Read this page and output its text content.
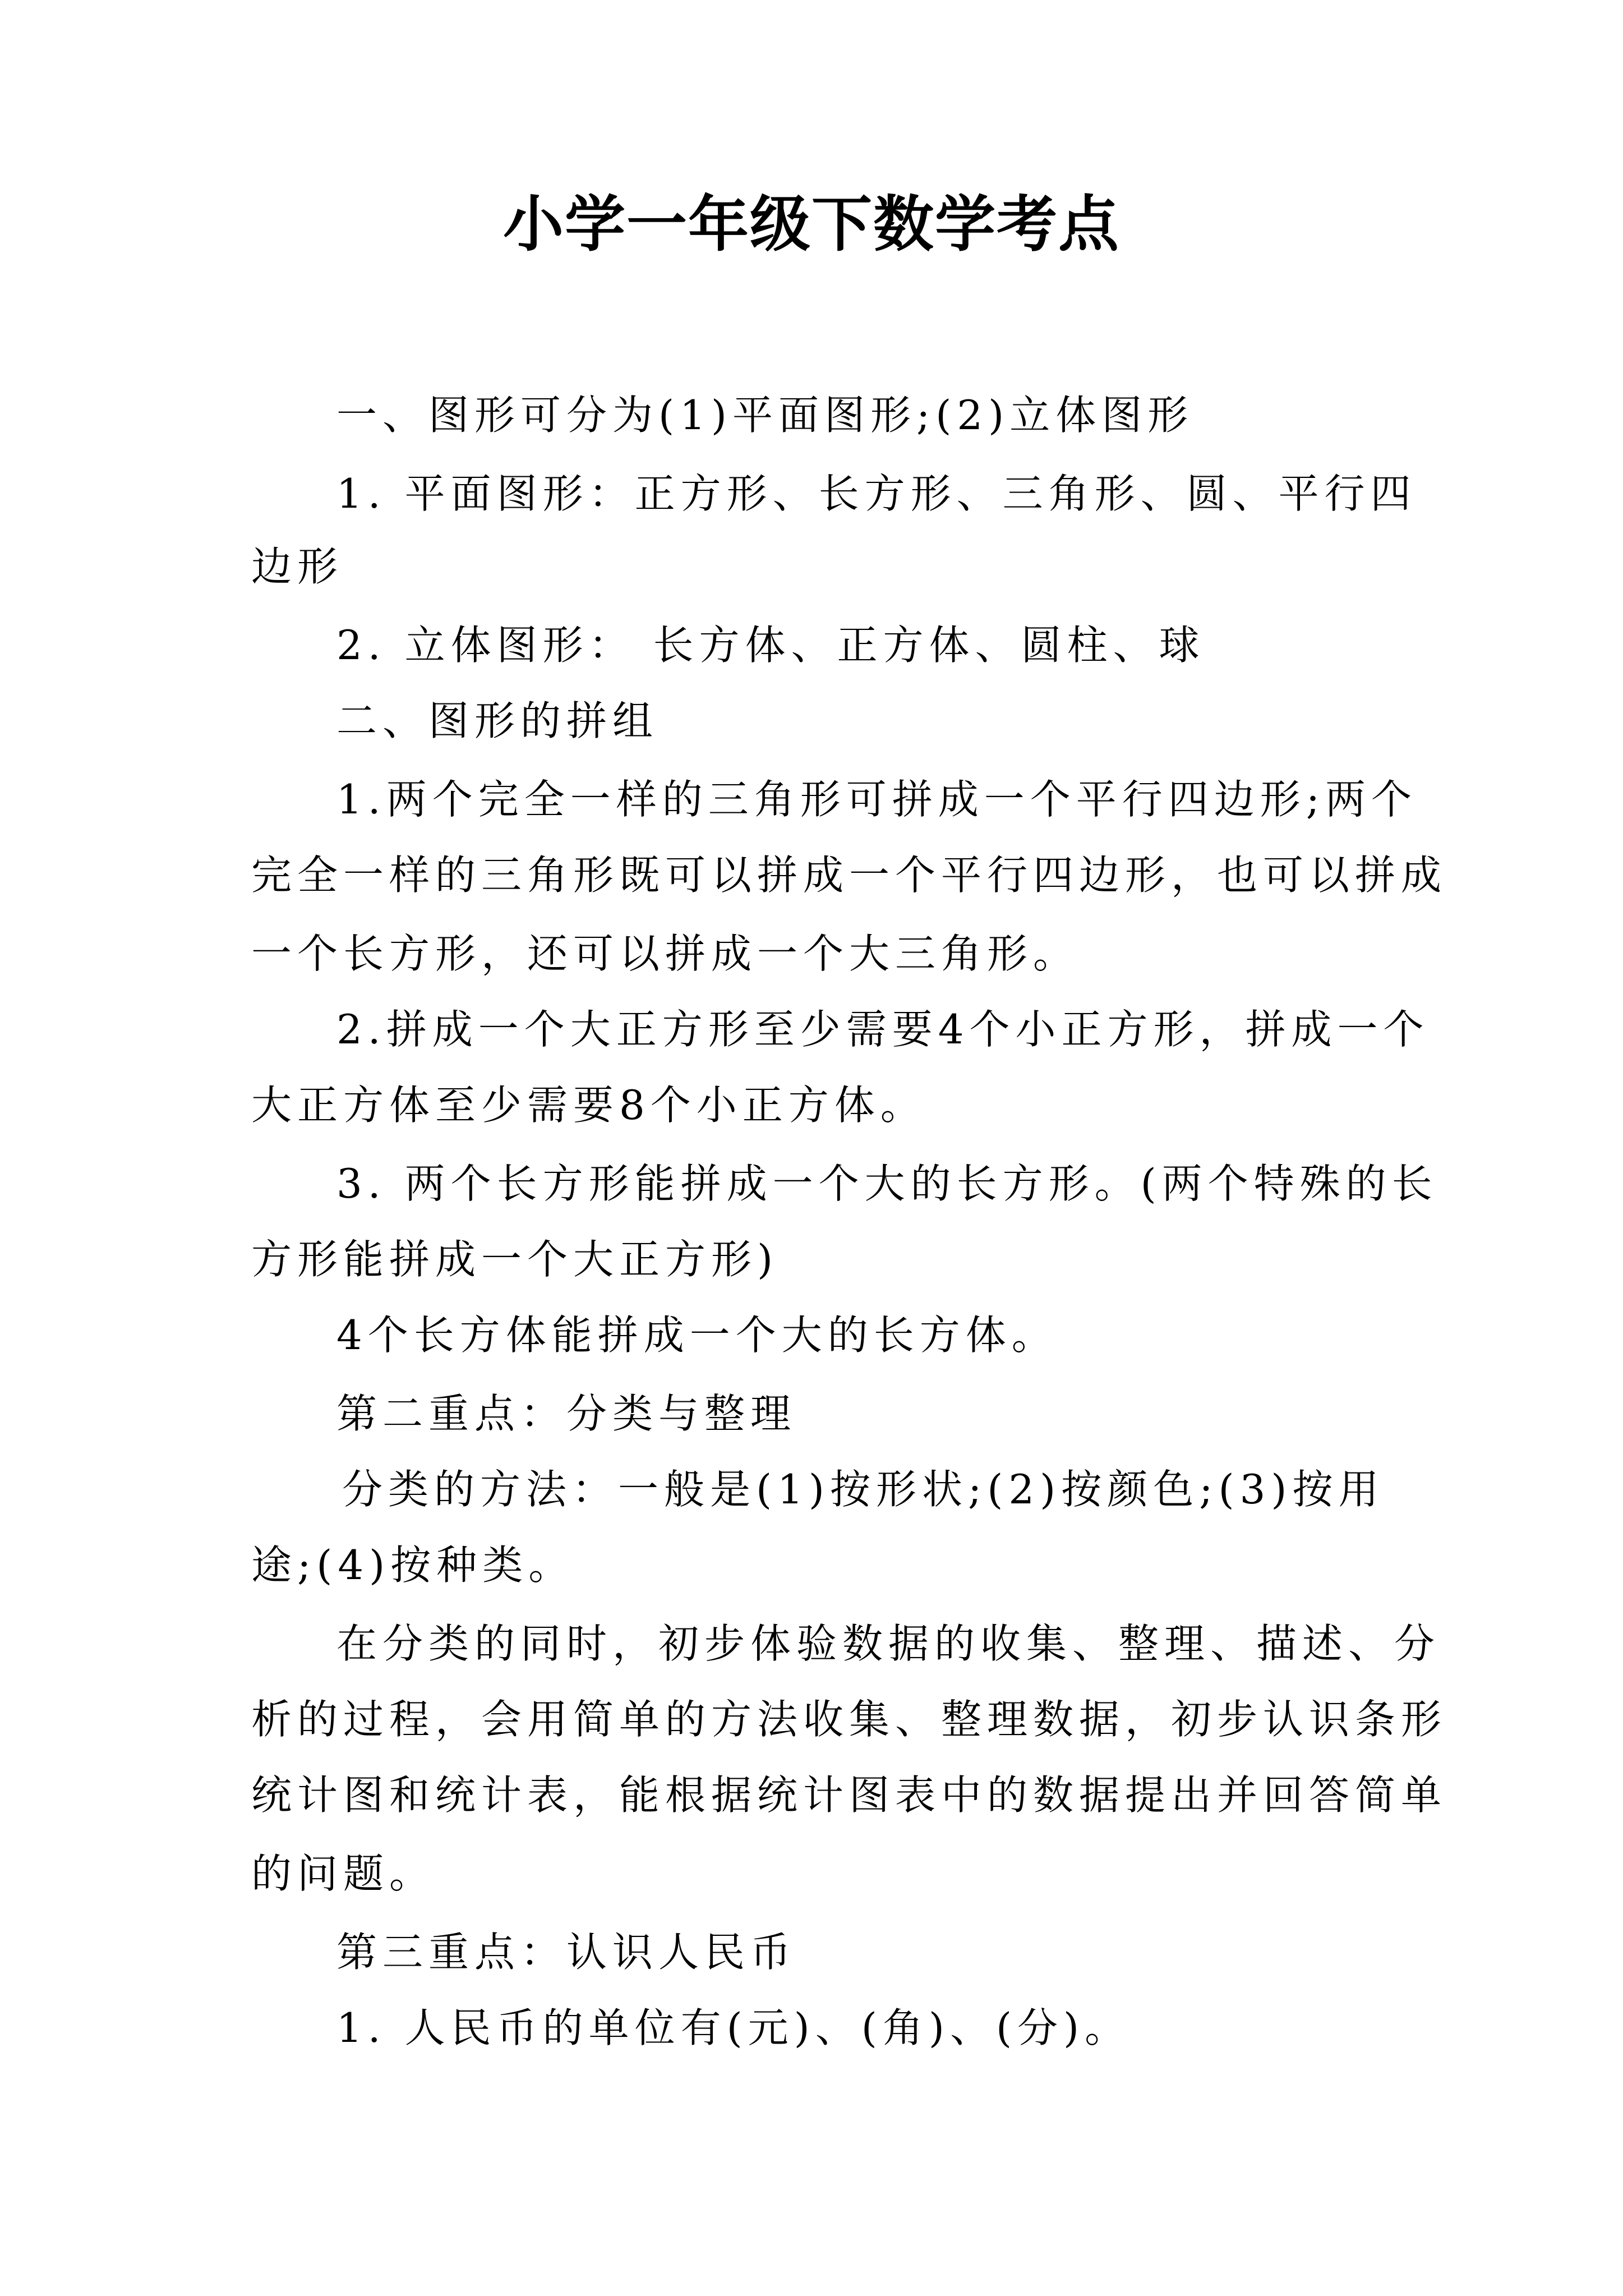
小学一年级下数学考点
一、图形可分为(1)平面图形;(2)立体图形
1. 平面图形：正方形、长方形、三角形、圆、平行四
边形
2. 立体图形： 长方体、正方体、圆柱、球
二、图形的拼组
1.两个完全一样的三角形可拼成一个平行四边形;两个
完全一样的三角形既可以拼成一个平行四边形，也可以拼成
一个长方形，还可以拼成一个大三角形。
2.拼成一个大正方形至少需要4个小正方形，拼成一个
大正方体至少需要8个小正方体。
3. 两个长方形能拼成一个大的长方形。(两个特殊的长
方形能拼成一个大正方形)
4个长方体能拼成一个大的长方体。
第二重点：分类与整理
分类的方法：一般是(1)按形状;(2)按颜色;(3)按用
途;(4)按种类。
在分类的同时，初步体验数据的收集、整理、描述、分
析的过程，会用简单的方法收集、整理数据，初步认识条形
统计图和统计表，能根据统计图表中的数据提出并回答简单
的问题。
第三重点：认识人民币
1. 人民币的单位有(元)、(角)、(分)。
